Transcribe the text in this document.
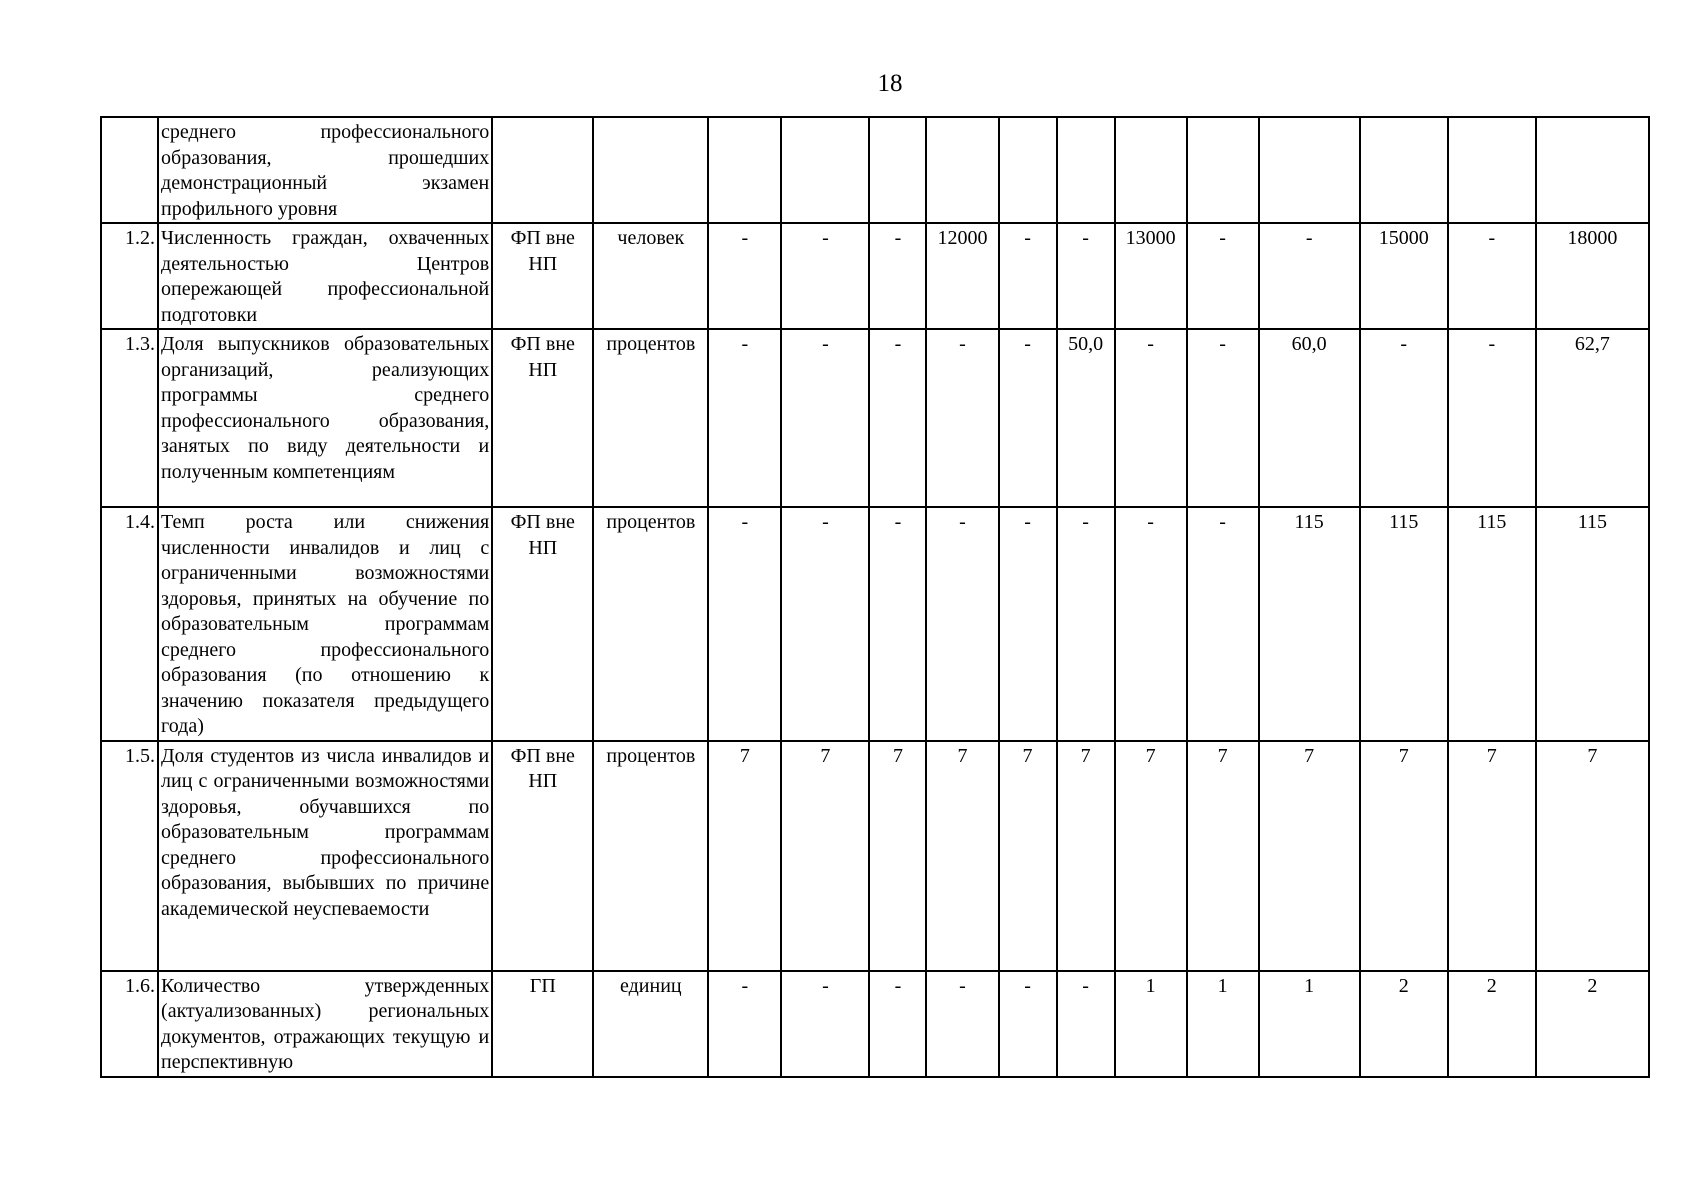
18
	среднего профессионального образования, прошедших демонстрационный экзамен профильного уровня														
1.2.	Численность граждан, охваченных деятельностью Центров опережающей профессиональной подготовки	ФП вне НП	человек	-	-	-	12000	-	-	13000	-	-	15000	-	18000
1.3.	Доля выпускников образовательных организаций, реализующих программы среднего профессионального образования, занятых по виду деятельности и полученным компетенциям	ФП вне НП	процентов	-	-	-	-	-	50,0	-	-	60,0	-	-	62,7
1.4.	Темп роста или снижения численности инвалидов и лиц с ограниченными возможностями здоровья, принятых на обучение по образовательным программам среднего профессионального образования (по отношению к значению показателя предыдущего года)	ФП вне НП	процентов	-	-	-	-	-	-	-	-	115	115	115	115
1.5.	Доля студентов из числа инвалидов и лиц с ограниченными возможностями здоровья, обучавшихся по образовательным программам среднего профессионального образования, выбывших по причине академической неуспеваемости	ФП вне НП	процентов	7	7	7	7	7	7	7	7	7	7	7	7
1.6.	Количество утвержденных (актуализованных) региональных документов, отражающих текущую и перспективную	ГП	единиц	-	-	-	-	-	-	1	1	1	2	2	2
